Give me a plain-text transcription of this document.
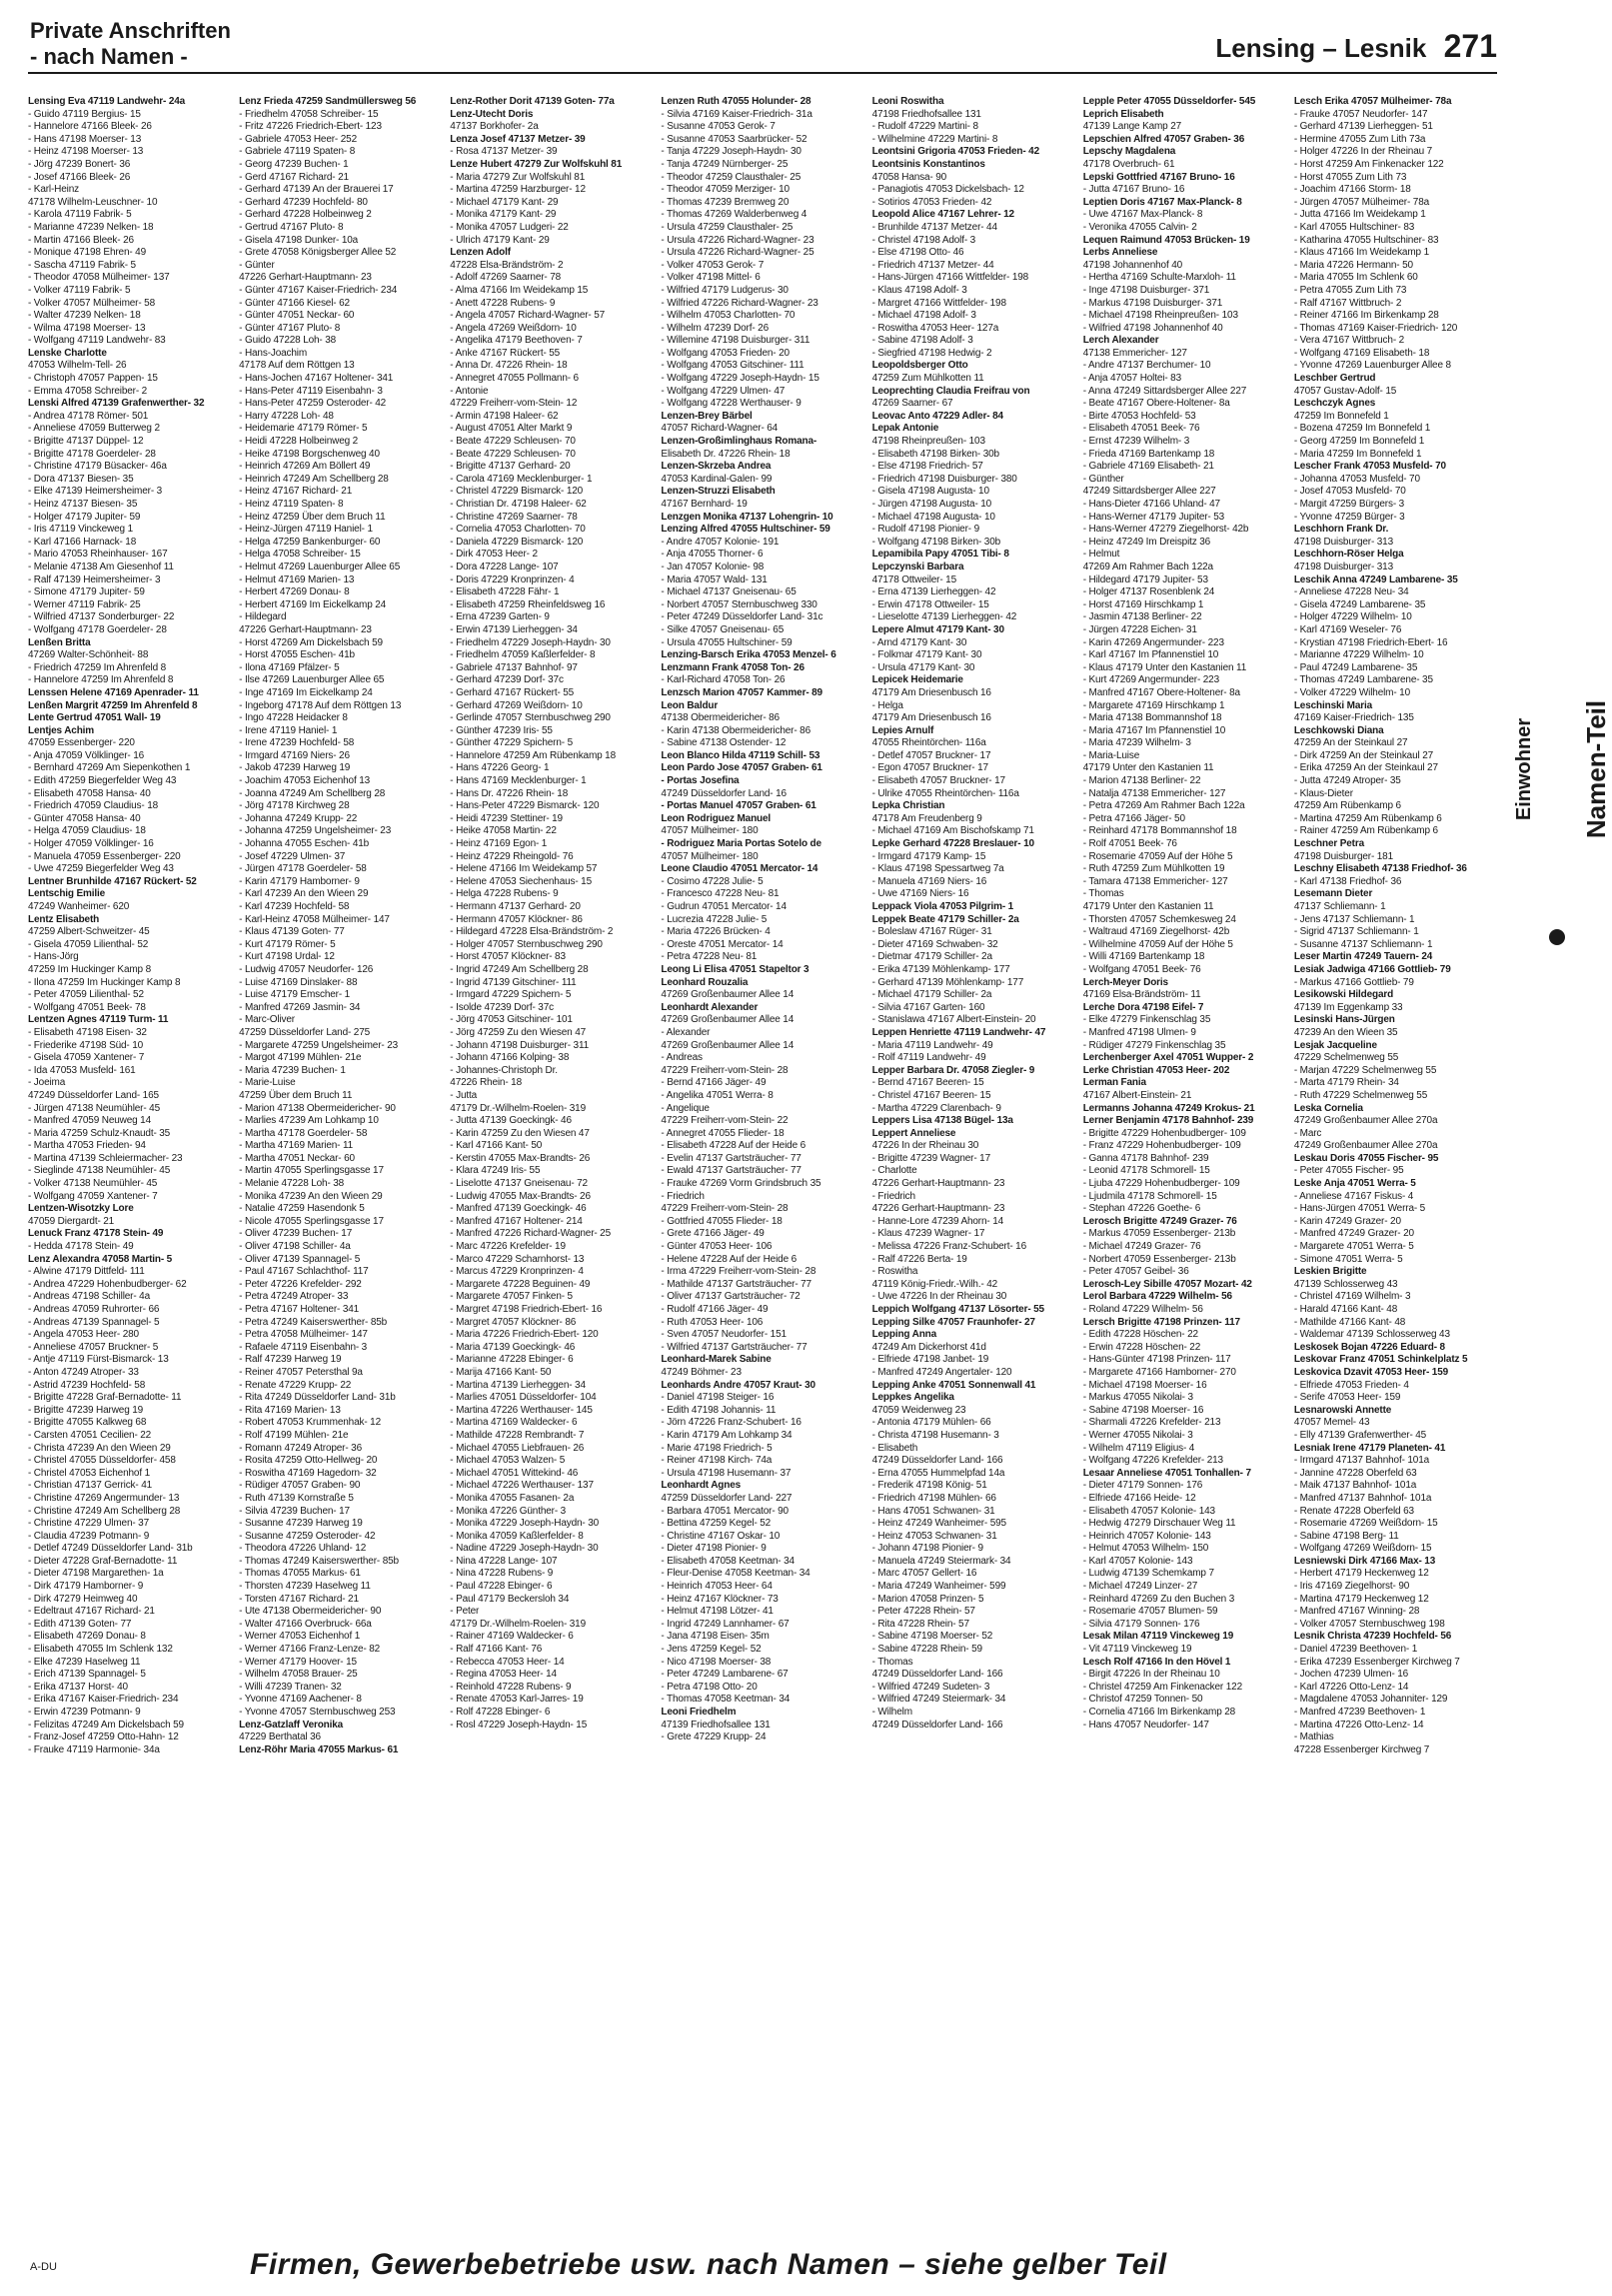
Private Anschriften
- nach Namen -	Lensing – Lesnik 271
Lensing Eva 47119 Landwehr- 24a
- Guido 47119 Bergius- 15
- Hannelore 47166 Bleek- 26
- Hans 47198 Moerser- 13
- Heinz 47198 Moerser- 13
- Jörg 47239 Bonert- 36
- Josef 47166 Bleek- 26
- Karl-Heinz
47178 Wilhelm-Leuschner- 10
- Karola 47119 Fabrik- 5
- Marianne 47239 Nelken- 18
- Martin 47166 Bleek- 26
- Monique 47198 Ehren- 49
- Sascha 47119 Fabrik- 5
- Theodor 47058 Mülheimer- 137
- Volker 47119 Fabrik- 5
- Volker 47057 Mülheimer- 58
- Walter 47239 Nelken- 18
- Wilma 47198 Moerser- 13
- Wolfgang 47119 Landwehr- 83
Lenske Charlotte
47053 Wilhelm-Tell- 26
- Christoph 47057 Pappen- 15
- Emma 47058 Schreiber- 2
Lenski Alfred 47139 Grafenwerther- 32
- Andrea 47178 Römer- 501
- Anneliese 47059 Butterweg 2
- Brigitte 47137 Düppel- 12
- Brigitte 47178 Goerdeler- 28
- Christine 47179 Büsacker- 46a
- Dora 47137 Biesen- 35
- Elke 47139 Heimersheimer- 3
- Heinz 47137 Biesen- 35
- Holger 47179 Jupiter- 59
- Iris 47119 Vinckeweg 1
- Karl 47166 Harnack- 18
- Mario 47053 Rheinhauser- 167
- Melanie 47138 Am Giesenhof 11
- Ralf 47139 Heimersheimer- 3
- Simone 47179 Jupiter- 59
- Werner 47119 Fabrik- 25
- Wilfried 47137 Sonderburger- 22
- Wolfgang 47178 Goerdeler- 28
Lenßen Britta
47269 Walter-Schönheit- 88
- Friedrich 47259 Im Ahrenfeld 8
- Hannelore 47259 Im Ahrenfeld 8
Lenssen Helene 47169 Apenrader- 11
Lenßen Margrit 47259 Im Ahrenfeld 8
Lente Gertrud 47051 Wall- 19
Lentjes Achim
47059 Essenberger- 220
- Anja 47059 Völklinger- 16
- Bernhard 47269 Am Siepenkothen 1
- Edith 47259 Biegerfelder Weg 43
- Elisabeth 47058 Hansa- 40
- Friedrich 47059 Claudius- 18
- Günter 47058 Hansa- 40
- Helga 47059 Claudius- 18
- Holger 47059 Völklinger- 16
- Manuela 47059 Essenberger- 220
- Uwe 47259 Biegerfelder Weg 43
Lentner Brunhilde 47167 Rückert- 52
Lentschig Emilie
47249 Wanheimer- 620
Lentz Elisabeth
47259 Albert-Schweitzer- 45
- Gisela 47059 Lilienthal- 52
- Hans-Jörg
47259 Im Huckinger Kamp 8
- Ilona 47259 Im Huckinger Kamp 8
- Peter 47059 Lilienthal- 52
- Wolfgang 47051 Beek- 78
Lentzen Agnes 47119 Turm- 11
- Elisabeth 47198 Eisen- 32
- Friederike 47198 Süd- 10
- Gisela 47059 Xantener- 7
- Ida 47053 Musfeld- 161
- Joeima
47249 Düsseldorfer Land- 165
- Jürgen 47138 Neumühler- 45
- Manfred 47059 Neuweg 14
- Maria 47259 Schulz-Knaudt- 35
- Martha 47053 Frieden- 94
- Martina 47139 Schleiermacher- 23
- Sieglinde 47138 Neumühler- 45
- Volker 47138 Neumühler- 45
- Wolfgang 47059 Xantener- 7
Lentzen-Wisotzky Lore
47059 Diergardt- 21
Lenuck Franz 47178 Stein- 49
- Hedda 47178 Stein- 49
Lenz Alexandra 47058 Martin- 5
- Alwine 47179 Dittfeld- 111
- Andrea 47229 Hohenbudberger- 62
- Andreas 47198 Schiller- 4a
- Andreas 47059 Ruhrorter- 66
- Andreas 47139 Spannagel- 5
- Angela 47053 Heer- 280
- Anneliese 47057 Bruckner- 5
- Antje 47119 Fürst-Bismarck- 13
- Anton 47249 Atroper- 33
- Astrid 47239 Hochfeld- 58
- Brigitte 47228 Graf-Bernadotte- 11
- Brigitte 47239 Harweg 19
- Brigitte 47055 Kalkweg 68
- Carsten 47051 Cecilien- 22
- Christa 47239 An den Wieen 29
- Christel 47055 Düsseldorfer- 458
- Christel 47053 Eichenhof 1
- Christian 47137 Gerrick- 41
- Christine 47269 Angermunder- 13
- Christine 47249 Am Schellberg 28
- Christine 47229 Ulmen- 37
- Claudia 47239 Potmann- 9
- Detlef 47249 Düsseldorfer Land- 31b
- Dieter 47228 Graf-Bernadotte- 11
- Dieter 47198 Margarethen- 1a
- Dirk 47179 Hamborner- 9
- Dirk 47279 Heimweg 40
- Edeltraut 47167 Richard- 21
- Edith 47139 Goten- 77
- Elisabeth 47269 Donau- 8
- Elisabeth 47055 Im Schlenk 132
- Elke 47239 Haselweg 11
- Erich 47139 Spannagel- 5
- Erika 47137 Horst- 40
- Erika 47167 Kaiser-Friedrich- 234
- Erwin 47239 Potmann- 9
- Felizitas 47249 Am Dickelsbach 59
- Franz-Josef 47259 Otto-Hahn- 12
- Frauke 47119 Harmonie- 34a
Lenz Frieda 47259 Sandmüllersweg 56
- Friedhelm 47058 Schreiber- 15
- Fritz 47226 Friedrich-Ebert- 123
- Gabriele 47053 Heer- 252
- Gabriele 47119 Spaten- 8
- Georg 47239 Buchen- 1
- Gerd 47167 Richard- 21
- Gerhard 47139 An der Brauerei 17
- Gerhard 47239 Hochfeld- 80
- Gerhard 47228 Holbeinweg 2
- Gertrud 47167 Pluto- 8
- Gisela 47198 Dunker- 10a
- Grete 47058 Königsberger Allee 52
- Günter
47226 Gerhart-Hauptmann- 23
- Günter 47167 Kaiser-Friedrich- 234
- Günter 47166 Kiesel- 62
- Günter 47051 Neckar- 60
- Günter 47167 Pluto- 8
- Guido 47228 Loh- 38
- Hans-Joachim
47178 Auf dem Röttgen 13
- Hans-Jochen 47167 Holtener- 341
- Hans-Peter 47119 Eisenbahn- 3
- Hans-Peter 47259 Osteroder- 42
- Harry 47228 Loh- 48
- Heidemarie 47179 Römer- 5
- Heidi 47228 Holbeinweg 2
- Heike 47198 Borgschenweg 40
- Heinrich 47269 Am Böllert 49
- Heinrich 47249 Am Schellberg 28
- Heinz 47167 Richard- 21
- Heinz 47119 Spaten- 8
- Heinz 47259 Über dem Bruch 11
- Heinz-Jürgen 47119 Haniel- 1
- Helga 47259 Bankenburger- 60
- Helga 47058 Schreiber- 15
- Helmut 47269 Lauenburger Allee 65
- Helmut 47169 Marien- 13
- Herbert 47269 Donau- 8
- Herbert 47169 Im Eickelkamp 24
- Hildegard
47226 Gerhart-Hauptmann- 23
- Horst 47269 Am Dickelsbach 59
- Horst 47055 Eschen- 41b
- Ilona 47169 Pfälzer- 5
- Ilse 47269 Lauenburger Allee 65
- Inge 47169 Im Eickelkamp 24
- Ingeborg 47178 Auf dem Röttgen 13
- Ingo 47228 Heidacker 8
- Irene 47119 Haniel- 1
- Irene 47239 Hochfeld- 58
- Irmgard 47169 Niers- 26
- Jakob 47239 Harweg 19
- Joachim 47053 Eichenhof 13
- Joanna 47249 Am Schellberg 28
- Jörg 47178 Kirchweg 28
- Johanna 47249 Krupp- 22
- Johanna 47259 Ungelsheimer- 23
- Johanna 47055 Eschen- 41b
- Josef 47229 Ulmen- 37
- Jürgen 47178 Goerdeler- 58
- Karin 47179 Hamborner- 9
- Karl 47239 An den Wieen 29
- Karl 47239 Hochfeld- 58
- Karl-Heinz 47058 Mülheimer- 147
- Klaus 47139 Goten- 77
- Kurt 47179 Römer- 5
- Kurt 47198 Urdal- 12
- Ludwig 47057 Neudorfer- 126
- Luise 47169 Dinslaker- 88
- Luise 47179 Emscher- 1
- Manfred 47269 Jasmin- 34
- Marc-Oliver
47259 Düsseldorfer Land- 275
- Margarete 47259 Ungelsheimer- 23
- Margot 47199 Mühlen- 21e
- Maria 47239 Buchen- 1
- Marie-Luise
47259 Über dem Bruch 11
- Marion 47138 Obermeidericher- 90
- Marlies 47239 Am Lohkamp 10
- Martha 47178 Goerdeler- 58
- Martha 47169 Marien- 11
- Martha 47051 Neckar- 60
- Martin 47055 Sperlingsgasse 17
- Melanie 47228 Loh- 38
- Monika 47239 An den Wieen 29
- Natalie 47259 Hasendonk 5
- Nicole 47055 Sperlingsgasse 17
- Oliver 47239 Buchen- 17
- Oliver 47198 Schiller- 4a
- Oliver 47139 Spannagel- 5
- Paul 47167 Schlachthof- 117
- Peter 47226 Krefelder- 292
- Petra 47249 Atroper- 33
- Petra 47167 Holtener- 341
- Petra 47249 Kaiserswerther- 85b
- Petra 47058 Mülheimer- 147
- Rafaele 47119 Eisenbahn- 3
- Ralf 47239 Harweg 19
- Reiner 47057 Petersthal 9a
- Renate 47229 Krupp- 22
- Rita 47249 Düsseldorfer Land- 31b
- Rita 47169 Marien- 13
- Robert 47053 Krummenhak- 12
- Rolf 47199 Mühlen- 21e
- Romann 47249 Atroper- 36
- Rosita 47259 Otto-Hellweg- 20
- Roswitha 47169 Hagedorn- 32
- Rüdiger 47057 Graben- 90
- Ruth 47139 Kornstraße 5
- Silvia 47239 Buchen- 17
- Susanne 47239 Harweg 19
- Susanne 47259 Osteroder- 42
- Theodora 47226 Uhland- 12
- Thomas 47249 Kaiserswerther- 85b
- Thomas 47055 Markus- 61
- Thorsten 47239 Haselweg 11
- Torsten 47167 Richard- 21
- Ute 47138 Obermeidericher- 90
- Walter 47166 Overbruck- 66a
- Werner 47053 Eichenhof 1
- Werner 47166 Franz-Lenze- 82
- Werner 47179 Hoover- 15
- Wilhelm 47058 Brauer- 25
- Willi 47239 Tranen- 32
- Yvonne 47169 Aachener- 8
- Yvonne 47057 Sternbuschweg 253
Lenz-Gatzlaff Veronika
47229 Berthatal 36
Lenz-Röhr Maria 47055 Markus- 61
Lenz-Rother Dorit 47139 Goten- 77a
Lenz-Utecht Doris
47137 Borkhofer- 2a
Lenza Josef 47137 Metzer- 39
- Rosa 47137 Metzer- 39
Lenze Hubert 47279 Zur Wolfskuhl 81
- Maria 47279 Zur Wolfskuhl 81
- Martina 47259 Harzburger- 12
- Michael 47179 Kant- 29
- Monika 47179 Kant- 29
- Monika 47057 Ludgeri- 22
- Ulrich 47179 Kant- 29
Lenzen Adolf
47228 Elsa-Brändström- 2
- Adolf 47269 Saarner- 78
- Alma 47166 Im Weidekamp 15
- Anett 47228 Rubens- 9
- Angela 47057 Richard-Wagner- 57
- Angela 47269 Weißdorn- 10
- Angelika 47179 Beethoven- 7
- Anke 47167 Rückert- 55
- Anna Dr. 47226 Rhein- 18
- Annegret 47055 Pollmann- 6
- Antonie
47229 Freiherr-vom-Stein- 12
- Armin 47198 Haleer- 62
- August 47051 Alter Markt 9
- Beate 47229 Schleusen- 70
- Beate 47229 Schleusen- 70
- Brigitte 47137 Gerhard- 20
- Carola 47169 Mecklenburger- 1
- Christel 47229 Bismarck- 120
- Christian Dr. 47198 Haleer- 62
- Christine 47269 Saarner- 78
- Cornelia 47053 Charlotten- 70
- Daniela 47229 Bismarck- 120
- Dirk 47053 Heer- 2
- Dora 47228 Lange- 107
- Doris 47229 Kronprinzen- 4
- Elisabeth 47228 Fähr- 1
- Elisabeth 47259 Rheinfeldsweg 16
- Erna 47239 Garten- 9
- Erwin 47139 Lierheggen- 34
- Friedhelm 47229 Joseph-Haydn- 30
- Friedhelm 47059 Kaßlerfelder- 8
- Gabriele 47137 Bahnhof- 97
- Gerhard 47239 Dorf- 37c
- Gerhard 47167 Rückert- 55
- Gerhard 47269 Weißdorn- 10
- Gerlinde 47057 Sternbuschweg 290
- Günther 47239 Iris- 55
- Günther 47229 Spichern- 5
- Hannelore 47259 Am Rübenkamp 18
- Hans 47226 Georg- 1
- Hans 47169 Mecklenburger- 1
- Hans Dr. 47226 Rhein- 18
- Hans-Peter 47229 Bismarck- 120
- Heidi 47239 Stettiner- 19
- Heike 47058 Martin- 22
- Heinz 47169 Egon- 1
- Heinz 47229 Rheingold- 76
- Helene 47166 Im Weidekamp 57
- Helene 47053 Siechenhaus- 15
- Helga 47228 Rubens- 9
- Hermann 47137 Gerhard- 20
- Hermann 47057 Klöckner- 86
- Hildegard 47228 Elsa-Brändström- 2
- Holger 47057 Sternbuschweg 290
- Horst 47057 Klöckner- 83
- Ingrid 47249 Am Schellberg 28
- Ingrid 47139 Gitschiner- 111
- Irmgard 47229 Spichern- 5
- Isolde 47239 Dorf- 37c
- Jörg 47053 Gitschiner- 101
- Jörg 47259 Zu den Wiesen 47
- Johann 47198 Duisburger- 311
- Johann 47166 Kolping- 38
- Johannes-Christoph Dr.
47226 Rhein- 18
- Jutta
47179 Dr.-Wilhelm-Roelen- 319
- Jutta 47139 Goeckingk- 46
- Karin 47259 Zu den Wiesen 47
- Karl 47166 Kant- 50
- Kerstin 47055 Max-Brandts- 26
- Klara 47249 Iris- 55
- Liselotte 47137 Gneisenau- 72
- Ludwig 47055 Max-Brandts- 26
- Manfred 47139 Goeckingk- 46
- Manfred 47167 Holtener- 214
- Manfred 47226 Richard-Wagner- 25
- Marc 47226 Krefelder- 19
- Marco 47229 Scharnhorst- 13
- Marcus 47229 Kronprinzen- 4
- Margarete 47228 Beguinen- 49
- Margarete 47057 Finken- 5
- Margret 47198 Friedrich-Ebert- 16
- Margret 47057 Klöckner- 86
- Maria 47226 Friedrich-Ebert- 120
- Maria 47139 Goeckingk- 46
- Marianne 47228 Ebinger- 6
- Marija 47166 Kant- 50
- Martina 47139 Lierheggen- 34
- Marlies 47051 Düsseldorfer- 104
- Martina 47226 Werthauser- 145
- Martina 47169 Waldecker- 6
- Mathilde 47228 Rembrandt- 7
- Michael 47055 Liebfrauen- 26
- Michael 47053 Walzen- 5
- Michael 47051 Wittekind- 46
- Michael 47226 Werthauser- 137
- Monika 47055 Fasanen- 2a
- Monika 47226 Günther- 3
- Monika 47229 Joseph-Haydn- 30
- Monika 47059 Kaßlerfelder- 8
- Nadine 47229 Joseph-Haydn- 30
- Nina 47228 Lange- 107
- Nina 47228 Rubens- 9
- Paul 47228 Ebinger- 6
- Paul 47179 Beckersloh 34
- Peter
47179 Dr.-Wilhelm-Roelen- 319
- Rainer 47169 Waldecker- 6
- Ralf 47166 Kant- 76
- Rebecca 47053 Heer- 14
- Regina 47053 Heer- 14
- Reinhold 47228 Rubens- 9
- Renate 47053 Karl-Jarres- 19
- Rolf 47228 Ebinger- 6
- Rosl 47229 Joseph-Haydn- 15
Lenzen Ruth 47055 Holunder- 28
- Silvia 47169 Kaiser-Friedrich- 31a
- Susanne 47053 Gerok- 7
- Susanne 47053 Saarbrücker- 52
- Tanja 47229 Joseph-Haydn- 30
- Tanja 47249 Nürnberger- 25
- Theodor 47259 Clausthaler- 25
- Theodor 47059 Merziger- 10
- Thomas 47239 Bremweg 20
- Thomas 47269 Walderbenweg 4
- Ursula 47259 Clausthaler- 25
- Ursula 47226 Richard-Wagner- 23
- Ursula 47226 Richard-Wagner- 25
- Volker 47053 Gerok- 7
- Volker 47198 Mittel- 6
- Wilfried 47179 Ludgerus- 30
- Wilfried 47226 Richard-Wagner- 23
- Wilhelm 47053 Charlotten- 70
- Wilhelm 47239 Dorf- 26
- Willemine 47198 Duisburger- 311
- Wolfgang 47053 Frieden- 20
- Wolfgang 47053 Gitschiner- 111
- Wolfgang 47229 Joseph-Haydn- 15
- Wolfgang 47229 Ulmen- 47
- Wolfgang 47228 Werthauser- 9
Lenzen-Brey Bärbel
47057 Richard-Wagner- 64
Lenzen-Großimlinghaus Romana-
Elisabeth Dr. 47226 Rhein- 18
Lenzen-Skrzeba Andrea
47053 Kardinal-Galen- 99
Lenzen-Struzzi Elisabeth
47167 Bernhard- 19
Lenzgen Monika 47137 Lohengrin- 10
Lenzing Alfred 47055 Hultschiner- 59
- Andre 47057 Kolonie- 191
- Anja 47055 Thorner- 6
- Jan 47057 Kolonie- 98
- Maria 47057 Wald- 131
- Michael 47137 Gneisenau- 65
- Norbert 47057 Sternbuschweg 330
- Peter 47249 Düsseldorfer Land- 31c
- Silke 47057 Gneisenau- 65
- Ursula 47055 Hultschiner- 59
Lenzing-Barsch Erika 47053 Menzel- 6
Lenzmann Frank 47058 Ton- 26
- Karl-Richard 47058 Ton- 26
Lenzsch Marion 47057 Kammer- 89
Leon Baldur
47138 Obermeidericher- 86
- Karin 47138 Obermeidericher- 86
- Sabine 47138 Ostender- 12
Leon Blanco Hilda 47119 Schill- 53
Leon Pardo Jose 47057 Graben- 61
- Portas Josefina
47249 Düsseldorfer Land- 16
- Portas Manuel 47057 Graben- 61
Leon Rodriguez Manuel
47057 Mülheimer- 180
- Rodriguez Maria Portas Sotelo de
47057 Mülheimer- 180
Leone Claudio 47051 Mercator- 14
- Cosimo 47228 Julie- 5
- Francesco 47228 Neu- 81
- Gudrun 47051 Mercator- 14
- Lucrezia 47228 Julie- 5
- Maria 47226 Brücken- 4
- Oreste 47051 Mercator- 14
- Petra 47228 Neu- 81
Leong Li Elisa 47051 Stapeltor 3
Leonhard Rouzalia
47269 Großenbaumer Allee 14
Leonhardt Alexander
47269 Großenbaumer Allee 14
- Alexander
47269 Großenbaumer Allee 14
- Andreas
47229 Freiherr-vom-Stein- 28
- Bernd 47166 Jäger- 49
- Angelika 47051 Werra- 8
- Angelique
47229 Freiherr-vom-Stein- 22
- Annegret 47055 Flieder- 18
- Elisabeth 47228 Auf der Heide 6
- Evelin 47137 Gartsträucher- 77
- Ewald 47137 Gartsträucher- 77
- Frauke 47269 Vorm Grindsbruch 35
- Friedrich
47229 Freiherr-vom-Stein- 28
- Gottfried 47055 Flieder- 18
- Grete 47166 Jäger- 49
- Günter 47053 Heer- 106
- Helene 47228 Auf der Heide 6
- Irma 47229 Freiherr-vom-Stein- 28
- Mathilde 47137 Gartsträucher- 77
- Oliver 47137 Gartsträucher- 72
- Rudolf 47166 Jäger- 49
- Ruth 47053 Heer- 106
- Sven 47057 Neudorfer- 151
- Wilfried 47137 Gartsträucher- 77
Leonhard-Marek Sabine
47249 Böhmer- 23
Leonhards Andre 47057 Kraut- 30
- Daniel 47198 Steiger- 16
- Edith 47198 Johannis- 11
- Jörn 47226 Franz-Schubert- 16
- Karin 47179 Am Lohkamp 34
- Marie 47198 Friedrich- 5
- Reiner 47198 Kirch- 74a
- Ursula 47198 Husemann- 37
Leonhardt Agnes
47259 Düsseldorfer Land- 227
- Barbara 47051 Mercator- 90
- Bettina 47259 Kegel- 52
- Christine 47167 Oskar- 10
- Dieter 47198 Pionier- 9
- Elisabeth 47058 Keetman- 34
- Fleur-Denise 47058 Keetman- 34
- Heinrich 47053 Heer- 64
- Heinz 47167 Klöckner- 73
- Helmut 47198 Lötzer- 41
- Ingrid 47249 Lannhamer- 67
- Jana 47198 Eisen- 35m
- Jens 47259 Kegel- 52
- Nico 47198 Moerser- 38
- Peter 47249 Lambarene- 67
- Petra 47198 Otto- 20
- Thomas 47058 Keetman- 34
Leoni Friedhelm
47139 Friedhofsallee 131
- Grete 47229 Krupp- 24
Leoni Roswitha
47198 Friedhofsallee 131
- Rudolf 47229 Martini- 8
- Wilhelmine 47229 Martini- 8
Leontsini Grigoria 47053 Frieden- 42
Leontsinis Konstantinos
47058 Hansa- 90
- Panagiotis 47053 Dickelsbach- 12
- Sotirios 47053 Frieden- 42
Leopold Alice 47167 Lehrer- 12
- Brunhilde 47137 Metzer- 44
- Christel 47198 Adolf- 3
- Else 47198 Otto- 46
- Friedrich 47137 Metzer- 44
- Hans-Jürgen 47166 Wittfelder- 198
- Klaus 47198 Adolf- 3
- Margret 47166 Wittfelder- 198
- Michael 47198 Adolf- 3
- Roswitha 47053 Heer- 127a
- Sabine 47198 Adolf- 3
- Siegfried 47198 Hedwig- 2
Leopoldsberger Otto
47259 Zum Mühlkotten 11
Leoprechting Claudia Freifrau von
47269 Saarner- 67
Leovac Anto 47229 Adler- 84
Lepak Antonie
47198 Rheinpreußen- 103
- Elisabeth 47198 Birken- 30b
- Else 47198 Friedrich- 57
- Friedrich 47198 Duisburger- 380
- Gisela 47198 Augusta- 10
- Jürgen 47198 Augusta- 10
- Michael 47198 Augusta- 10
- Rudolf 47198 Pionier- 9
- Wolfgang 47198 Birken- 30b
Lepamibila Papy 47051 Tibi- 8
Lepczynski Barbara
47178 Ottweiler- 15
- Erna 47139 Lierheggen- 42
- Erwin 47178 Ottweiler- 15
- Lieselotte 47139 Lierheggen- 42
Lepere Almut 47179 Kant- 30
- Arnd 47179 Kant- 30
- Folkmar 47179 Kant- 30
- Ursula 47179 Kant- 30
Lepicek Heidemarie
47179 Am Driesenbusch 16
- Helga
47179 Am Driesenbusch 16
Lepies Arnulf
47055 Rheintörchen- 116a
- Detlef 47057 Bruckner- 17
- Egon 47057 Bruckner- 17
- Elisabeth 47057 Bruckner- 17
- Ulrike 47055 Rheintörchen- 116a
Lepka Christian
47178 Am Freudenberg 9
- Michael 47169 Am Bischofskamp 71
Lepke Gerhard 47228 Breslauer- 10
- Irmgard 47179 Kamp- 15
- Klaus 47198 Spessartweg 7a
- Manuela 47169 Niers- 16
- Uwe 47169 Niers- 16
Leppack Viola 47053 Pilgrim- 1
Leppek Beate 47179 Schiller- 2a
- Boleslaw 47167 Rüger- 31
- Dieter 47169 Schwaben- 32
- Dietmar 47179 Schiller- 2a
- Erika 47139 Möhlenkamp- 177
- Gerhard 47139 Möhlenkamp- 177
- Michael 47179 Schiller- 2a
- Silvia 47167 Garten- 160
- Stanislawa 47167 Albert-Einstein- 20
Leppen Henriette 47119 Landwehr- 47
- Maria 47119 Landwehr- 49
- Rolf 47119 Landwehr- 49
Lepper Barbara Dr. 47058 Ziegler- 9
- Bernd 47167 Beeren- 15
- Christel 47167 Beeren- 15
- Martha 47229 Clarenbach- 9
Leppers Lisa 47138 Bügel- 13a
Leppert Anneliese
47226 In der Rheinau 30
- Brigitte 47239 Wagner- 17
- Charlotte
47226 Gerhart-Hauptmann- 23
- Friedrich
47226 Gerhart-Hauptmann- 23
- Hanne-Lore 47239 Ahorn- 14
- Klaus 47239 Wagner- 17
- Melissa 47226 Franz-Schubert- 16
- Ralf 47226 Berta- 19
- Roswitha
47119 König-Friedr.-Wilh.- 42
- Uwe 47226 In der Rheinau 30
Leppich Wolfgang 47137 Lösorter- 55
Lepping Silke 47057 Fraunhofer- 27
Lepping Anna
47249 Am Dickerhorst 41d
- Elfriede 47198 Janbet- 19
- Manfred 47249 Angertaler- 120
Lepping Anke 47051 Sonnenwall 41
Leppkes Angelika
47059 Weidenweg 23
- Antonia 47179 Mühlen- 66
- Christa 47198 Husemann- 3
- Elisabeth
47249 Düsseldorfer Land- 166
- Erna 47055 Hummelpfad 14a
- Frederik 47198 König- 51
- Friedrich 47198 Mühlen- 66
- Hans 47051 Schwanen- 31
- Heinz 47249 Wanheimer- 595
- Heinz 47053 Schwanen- 31
- Johann 47198 Pionier- 9
- Manuela 47249 Steiermark- 34
- Marc 47057 Gellert- 16
- Maria 47249 Wanheimer- 599
- Marion 47058 Prinzen- 5
- Peter 47228 Rhein- 57
- Rita 47228 Rhein- 57
- Sabine 47198 Moerser- 52
- Sabine 47228 Rhein- 59
- Thomas
47249 Düsseldorfer Land- 166
- Wilfried 47249 Sudeten- 3
- Wilfried 47249 Steiermark- 34
- Wilhelm
47249 Düsseldorfer Land- 166
Lepple Peter 47055 Düsseldorfer- 545
Leprich Elisabeth
47139 Lange Kamp 27
Lepschien Alfred 47057 Graben- 36
Lepschy Magdalena
47178 Overbruch- 61
Lepski Gottfried 47167 Bruno- 16
- Jutta 47167 Bruno- 16
Leptien Doris 47167 Max-Planck- 8
- Uwe 47167 Max-Planck- 8
- Veronika 47055 Calvin- 2
Lequen Raimund 47053 Brücken- 19
Lerbs Anneliese
47198 Johannenhof 40
- Hertha 47169 Schulte-Marxloh- 11
- Inge 47198 Duisburger- 371
- Markus 47198 Duisburger- 371
- Michael 47198 Rheinpreußen- 103
- Wilfried 47198 Johannenhof 40
Lerch Alexander
47138 Emmericher- 127
- Andre 47137 Berchumer- 10
- Anja 47057 Holtei- 83
- Anna 47249 Sittardsberger Allee 227
- Beate 47167 Obere-Holtener- 8a
- Birte 47053 Hochfeld- 53
- Elisabeth 47051 Beek- 76
- Ernst 47239 Wilhelm- 3
- Frieda 47169 Bartenkamp 18
- Gabriele 47169 Elisabeth- 21
- Günther
47249 Sittardsberger Allee 227
- Hans-Dieter 47166 Uhland- 47
- Hans-Werner 47179 Jupiter- 53
- Hans-Werner 47279 Ziegelhorst- 42b
- Heinz 47249 Im Dreispitz 36
- Helmut
47269 Am Rahmer Bach 122a
- Hildegard 47179 Jupiter- 53
- Holger 47137 Rosenblenk 24
- Horst 47169 Hirschkamp 1
- Jasmin 47138 Berliner- 22
- Jürgen 47228 Eichen- 31
- Karin 47269 Angermunder- 223
- Karl 47167 Im Pfannenstiel 10
- Klaus 47179 Unter den Kastanien 11
- Kurt 47269 Angermunder- 223
- Manfred 47167 Obere-Holtener- 8a
- Margarete 47169 Hirschkamp 1
- Maria 47138 Bommannshof 18
- Maria 47167 Im Pfannenstiel 10
- Maria 47239 Wilhelm- 3
- Maria-Luise
47179 Unter den Kastanien 11
- Marion 47138 Berliner- 22
- Natalja 47138 Emmericher- 127
- Petra 47269 Am Rahmer Bach 122a
- Petra 47166 Jäger- 50
- Reinhard 47178 Bommannshof 18
- Rolf 47051 Beek- 76
- Rosemarie 47059 Auf der Höhe 5
- Ruth 47259 Zum Mühlkotten 19
- Tamara 47138 Emmericher- 127
- Thomas
47179 Unter den Kastanien 11
- Thorsten 47057 Schemkesweg 24
- Waltraud 47169 Ziegelhorst- 42b
- Wilhelmine 47059 Auf der Höhe 5
- Willi 47169 Bartenkamp 18
- Wolfgang 47051 Beek- 76
Lerch-Meyer Doris
47169 Elsa-Brändström- 11
Lerche Dora 47198 Eifel- 7
- Elke 47279 Finkenschlag 35
- Manfred 47198 Ulmen- 9
- Rüdiger 47279 Finkenschlag 35
Lerchenberger Axel 47051 Wupper- 2
Lerke Christian 47053 Heer- 202
Lerman Fania
47167 Albert-Einstein- 21
Lermanns Johanna 47249 Krokus- 21
Lerner Benjamin 47178 Bahnhof- 239
- Brigitte 47229 Hohenbudberger- 109
- Franz 47229 Hohenbudberger- 109
- Ganna 47178 Bahnhof- 239
- Leonid 47178 Schmorell- 15
- Ljuba 47229 Hohenbudberger- 109
- Ljudmila 47178 Schmorell- 15
- Stephan 47226 Goethe- 6
Lerosch Brigitte 47249 Grazer- 76
- Markus 47059 Essenberger- 213b
- Michael 47249 Grazer- 76
- Norbert 47059 Essenberger- 213b
- Peter 47057 Geibel- 36
Lerosch-Ley Sibille 47057 Mozart- 42
Lerol Barbara 47229 Wilhelm- 56
- Roland 47229 Wilhelm- 56
Lersch Brigitte 47198 Prinzen- 117
- Edith 47228 Höschen- 22
- Erwin 47228 Höschen- 22
- Hans-Günter 47198 Prinzen- 117
- Margarete 47166 Hamborner- 270
- Michael 47198 Moerser- 16
- Markus 47055 Nikolai- 3
- Sabine 47198 Moerser- 16
- Sharmali 47226 Krefelder- 213
- Werner 47055 Nikolai- 3
- Wilhelm 47119 Eligius- 4
- Wolfgang 47226 Krefelder- 213
Lesaar Anneliese 47051 Tonhallen- 7
- Dieter 47179 Sonnen- 176
- Elfriede 47166 Heide- 12
- Elisabeth 47057 Kolonie- 143
- Hedwig 47279 Dirschauer Weg 11
- Heinrich 47057 Kolonie- 143
- Helmut 47053 Wilhelm- 150
- Karl 47057 Kolonie- 143
- Ludwig 47139 Schemkamp 7
- Michael 47249 Linzer- 27
- Reinhard 47269 Zu den Buchen 3
- Rosemarie 47057 Blumen- 59
- Silvia 47179 Sonnen- 176
Lesak Milan 47119 Vinckeweg 19
- Vit 47119 Vinckeweg 19
Lesch Rolf 47166 In den Hövel 1
- Birgit 47226 In der Rheinau 10
- Christel 47259 Am Finkenacker 122
- Christof 47259 Tonnen- 50
- Cornelia 47166 Im Birkenkamp 28
- Hans 47057 Neudorfer- 147
Lesch Erika 47057 Mülheimer- 78a
- Frauke 47057 Neudorfer- 147
- Gerhard 47139 Lierheggen- 51
- Hermine 47055 Zum Lith 73a
- Holger 47226 In der Rheinau 7
- Horst 47259 Am Finkenacker 122
- Horst 47055 Zum Lith 73
- Joachim 47166 Storm- 18
- Jürgen 47057 Mülheimer- 78a
- Jutta 47166 Im Weidekamp 1
- Karl 47055 Hultschiner- 83
- Katharina 47055 Hultschiner- 83
- Klaus 47166 Im Weidekamp 1
- Maria 47226 Hermann- 50
- Maria 47055 Im Schlenk 60
- Petra 47055 Zum Lith 73
- Ralf 47167 Wittbruch- 2
- Reiner 47166 Im Birkenkamp 28
- Thomas 47169 Kaiser-Friedrich- 120
- Vera 47167 Wittbruch- 2
- Wolfgang 47169 Elisabeth- 18
- Yvonne 47269 Lauenburger Allee 8
Leschber Gertrud
47057 Gustav-Adolf- 15
Leschczyk Agnes
47259 Im Bonnefeld 1
- Bozena 47259 Im Bonnefeld 1
- Georg 47259 Im Bonnefeld 1
- Maria 47259 Im Bonnefeld 1
Lescher Frank 47053 Musfeld- 70
- Johanna 47053 Musfeld- 70
- Josef 47053 Musfeld- 70
- Margit 47259 Bürgers- 3
- Yvonne 47259 Bürger- 3
Leschhorn Frank Dr.
47198 Duisburger- 313
Leschhorn-Röser Helga
47198 Duisburger- 313
Leschik Anna 47249 Lambarene- 35
- Anneliese 47228 Neu- 34
- Gisela 47249 Lambarene- 35
- Holger 47229 Wilhelm- 10
- Karl 47169 Weseler- 76
- Krystian 47198 Friedrich-Ebert- 16
- Marianne 47229 Wilhelm- 10
- Paul 47249 Lambarene- 35
- Thomas 47249 Lambarene- 35
- Volker 47229 Wilhelm- 10
Leschinski Maria
47169 Kaiser-Friedrich- 135
Leschkowski Diana
47259 An der Steinkaul 27
- Dirk 47259 An der Steinkaul 27
- Erika 47259 An der Steinkaul 27
- Jutta 47249 Atroper- 35
- Klaus-Dieter
47259 Am Rübenkamp 6
- Martina 47259 Am Rübenkamp 6
- Rainer 47259 Am Rübenkamp 6
Leschner Petra
47198 Duisburger- 181
Leschny Elisabeth 47138 Friedhof- 36
- Karl 47138 Friedhof- 36
Lesemann Dieter
47137 Schliemann- 1
- Jens 47137 Schliemann- 1
- Sigrid 47137 Schliemann- 1
- Susanne 47137 Schliemann- 1
Leser Martin 47249 Tauern- 24
Lesiak Jadwiga 47166 Gottlieb- 79
- Markus 47166 Gottlieb- 79
Lesikowski Hildegard
47139 Im Eggenkamp 33
Lesinski Hans-Jürgen
47239 An den Wieen 35
Lesjak Jacqueline
47229 Schelmenweg 55
- Marjan 47229 Schelmenweg 55
- Marta 47179 Rhein- 34
- Ruth 47229 Schelmenweg 55
Leska Cornelia
47249 Großenbaumer Allee 270a
- Marc
47249 Großenbaumer Allee 270a
Leskau Doris 47055 Fischer- 95
- Peter 47055 Fischer- 95
Leske Anja 47051 Werra- 5
- Anneliese 47167 Fiskus- 4
- Hans-Jürgen 47051 Werra- 5
- Karin 47249 Grazer- 20
- Manfred 47249 Grazer- 20
- Margarete 47051 Werra- 5
- Simone 47051 Werra- 5
Leskien Brigitte
47139 Schlosserweg 43
- Christel 47169 Wilhelm- 3
- Harald 47166 Kant- 48
- Mathilde 47166 Kant- 48
- Waldemar 47139 Schlosserweg 43
Leskosek Bojan 47226 Eduard- 8
Leskovar Franz 47051 Schinkelplatz 5
Leskovica Dzavit 47053 Heer- 159
- Elfriede 47053 Frieden- 4
- Serife 47053 Heer- 159
Lesnarowski Annette
47057 Memel- 43
- Elly 47139 Grafenwerther- 45
Lesniak Irene 47179 Planeten- 41
- Irmgard 47137 Bahnhof- 101a
- Jannine 47228 Oberfeld 63
- Maik 47137 Bahnhof- 101a
- Manfred 47137 Bahnhof- 101a
- Renate 47228 Oberfeld 63
- Rosemarie 47269 Weißdorn- 15
- Sabine 47198 Berg- 11
- Wolfgang 47269 Weißdorn- 15
Lesniewski Dirk 47166 Max- 13
- Herbert 47179 Heckenweg 12
- Iris 47169 Ziegelhorst- 90
- Martina 47179 Heckenweg 12
- Manfred 47167 Winning- 28
- Volker 47057 Sternbuschweg 198
Lesnik Christa 47239 Hochfeld- 56
- Daniel 47239 Beethoven- 1
- Erika 47239 Essenberger Kirchweg 7
- Jochen 47239 Ulmen- 16
- Karl 47226 Otto-Lenz- 14
- Magdalene 47053 Johanniter- 129
- Manfred 47239 Beethoven- 1
- Martina 47226 Otto-Lenz- 14
- Mathias
47228 Essenberger Kirchweg 7
Einwohner Namen-Teil
A-DU	Firmen, Gewerbebetriebe usw. nach Namen – siehe gelber Teil
